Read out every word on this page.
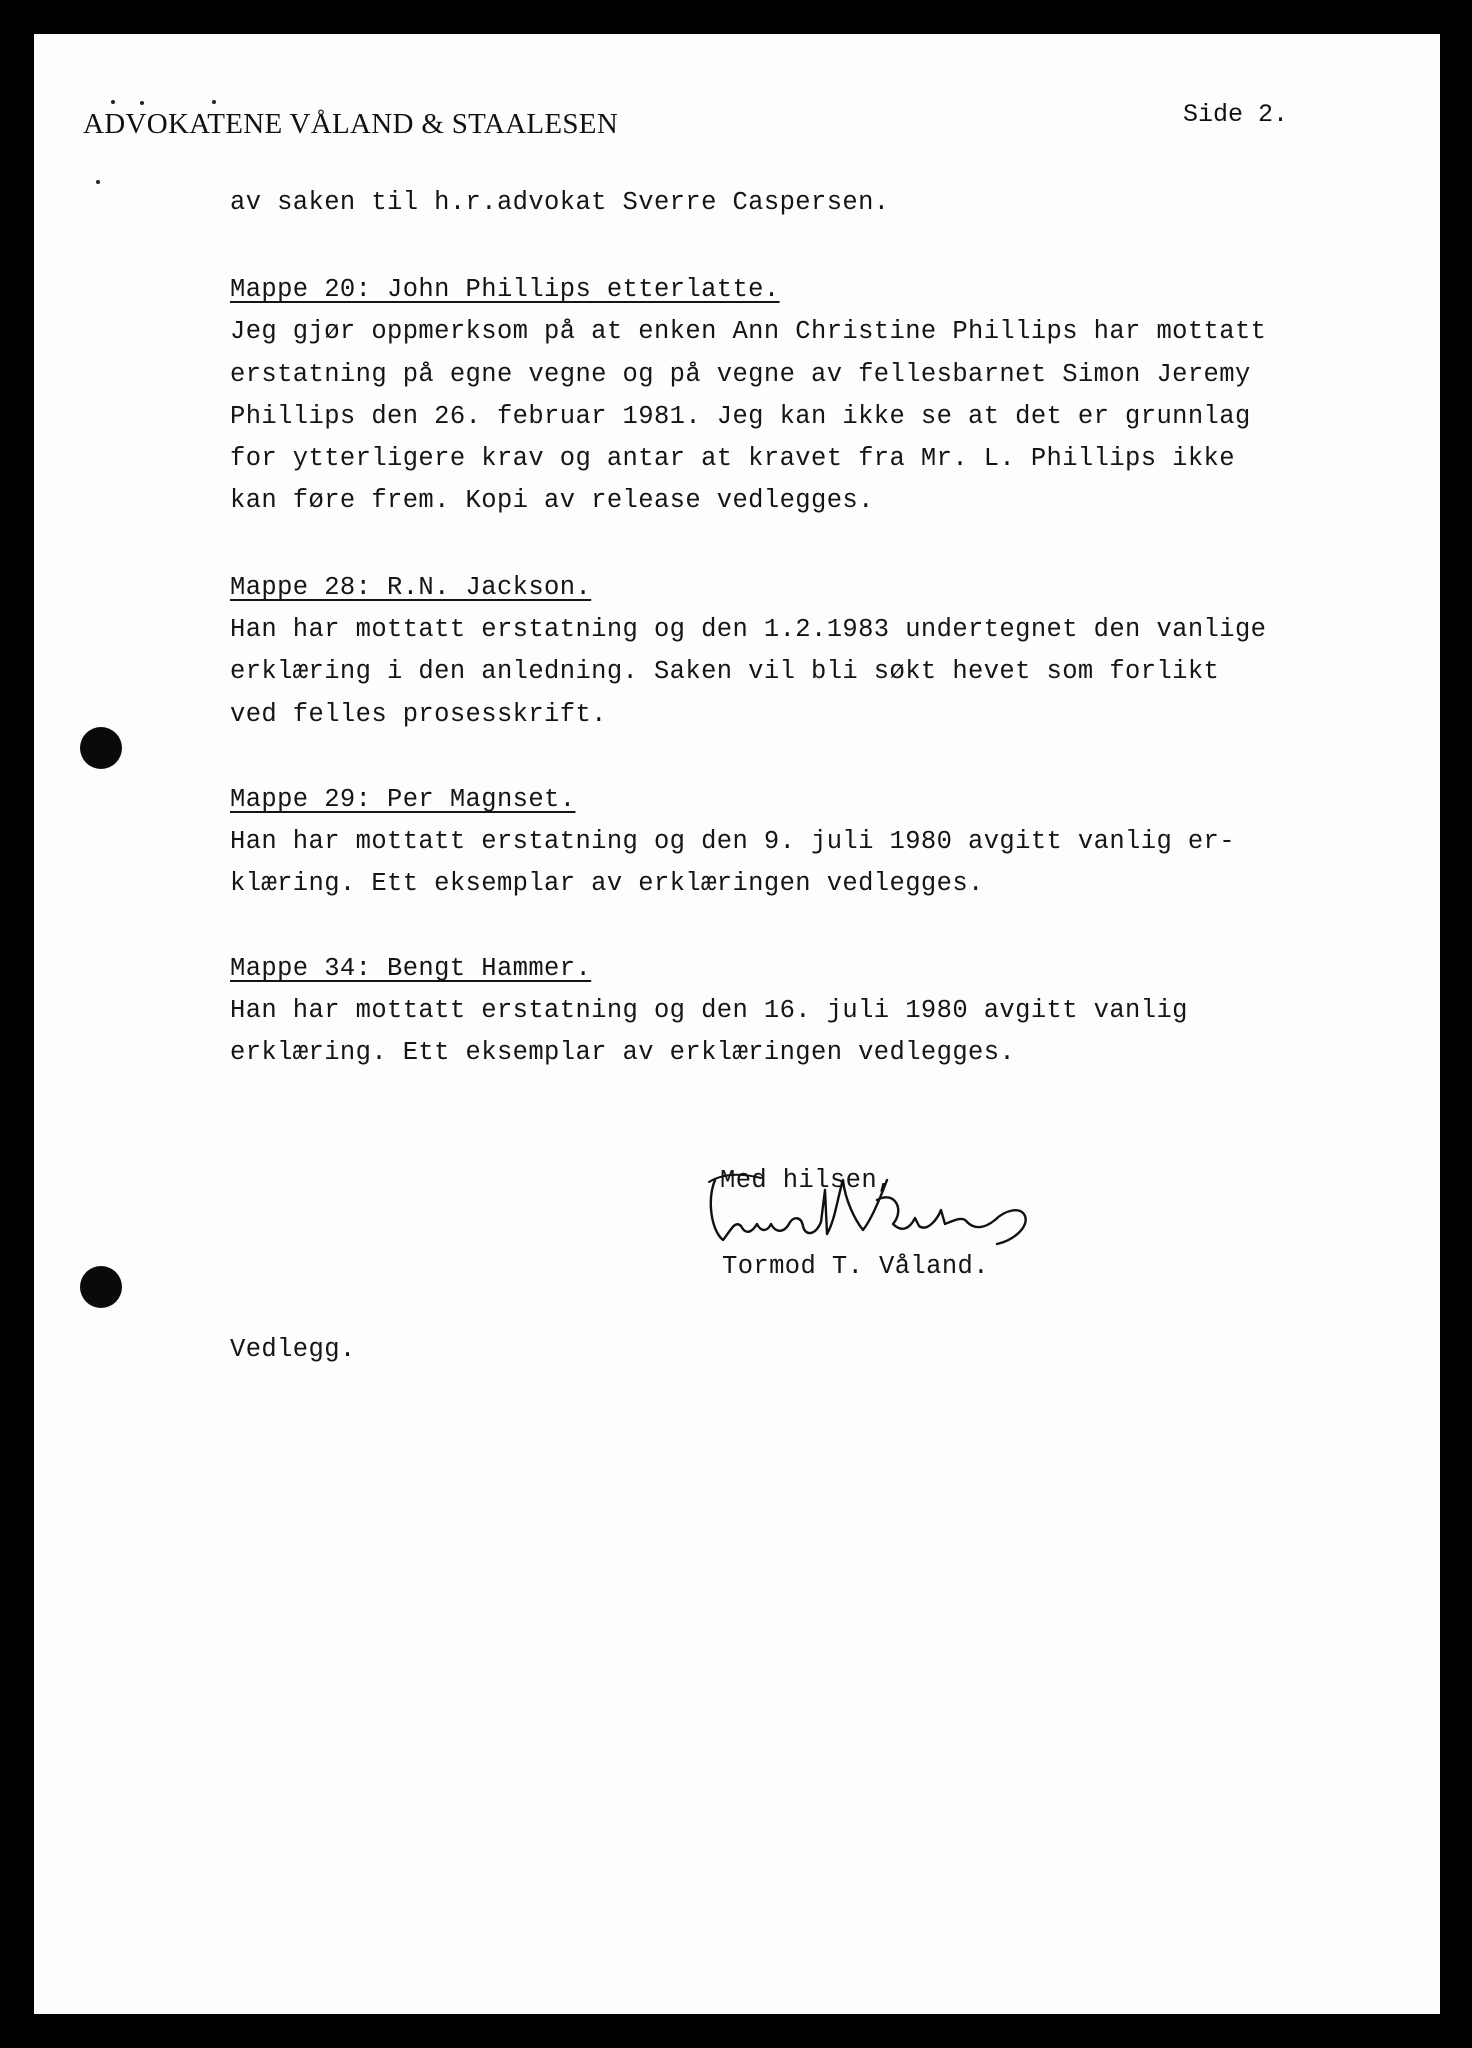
ADVOKATENE VÅLAND & STAALESEN	Side 2.
av saken til h.r.advokat Sverre Caspersen.
Mappe 20: John Phillips etterlatte.
Jeg gjør oppmerksom på at enken Ann Christine Phillips har mottatt
erstatning på egne vegne og på vegne av fellesbarnet Simon Jeremy
Phillips den 26. februar 1981. Jeg kan ikke se at det er grunnlag
for ytterligere krav og antar at kravet fra Mr. L. Phillips ikke
kan føre frem. Kopi av release vedlegges.
Mappe 28: R.N. Jackson.
Han har mottatt erstatning og den 1.2.1983 undertegnet den vanlige
erklæring i den anledning. Saken vil bli søkt hevet som forlikt
ved felles prosesskrift.
Mappe 29: Per Magnset.
Han har mottatt erstatning og den 9. juli 1980 avgitt vanlig er-
klæring. Ett eksemplar av erklæringen vedlegges.
Mappe 34: Bengt Hammer.
Han har mottatt erstatning og den 16. juli 1980 avgitt vanlig
erklæring. Ett eksemplar av erklæringen vedlegges.
Med hilsen,
Tormod T. Våland.
Vedlegg.
